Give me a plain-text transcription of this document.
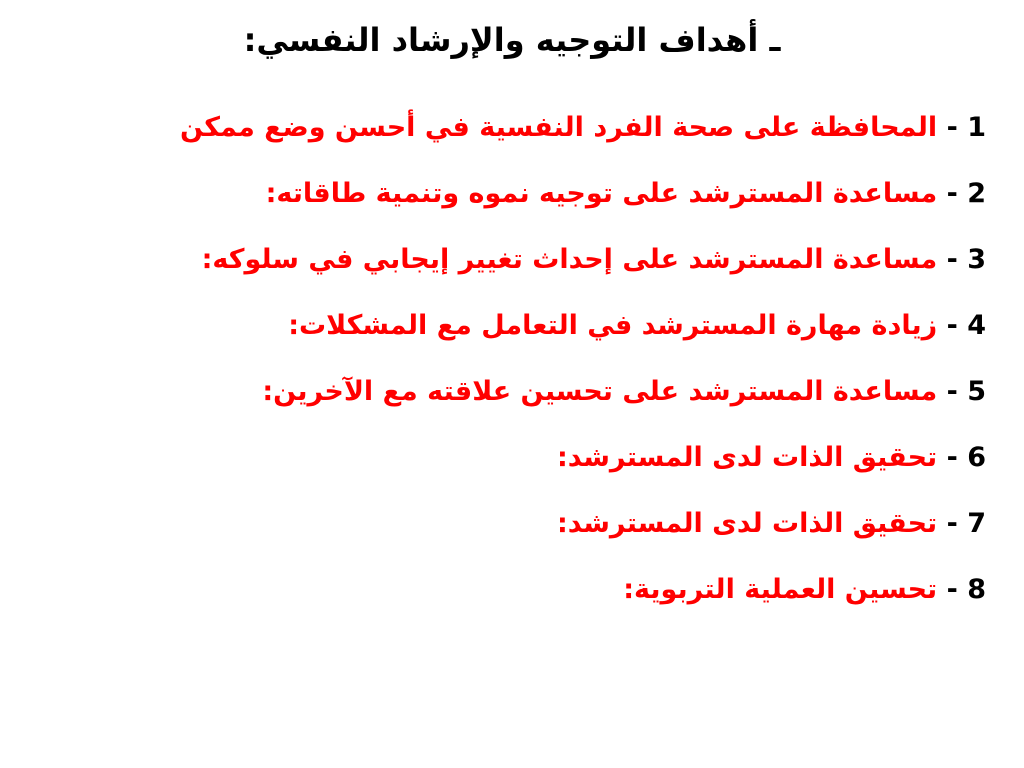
ـ أهداف التوجيه والإرشاد النفسي:
1 - المحافظة على صحة الفرد النفسية في أحسن وضع ممكن
2 - مساعدة المسترشد على توجيه نموه وتنمية طاقاته:
3 - مساعدة المسترشد على إحداث تغيير إيجابي في سلوكه:
4 - زيادة مهارة المسترشد في التعامل مع المشكلات:
5 - مساعدة المسترشد على تحسين علاقته مع الآخرين:
6 - تحقيق الذات لدى المسترشد:
7 - تحقيق الذات لدى المسترشد:
8 - تحسين العملية التربوية:
